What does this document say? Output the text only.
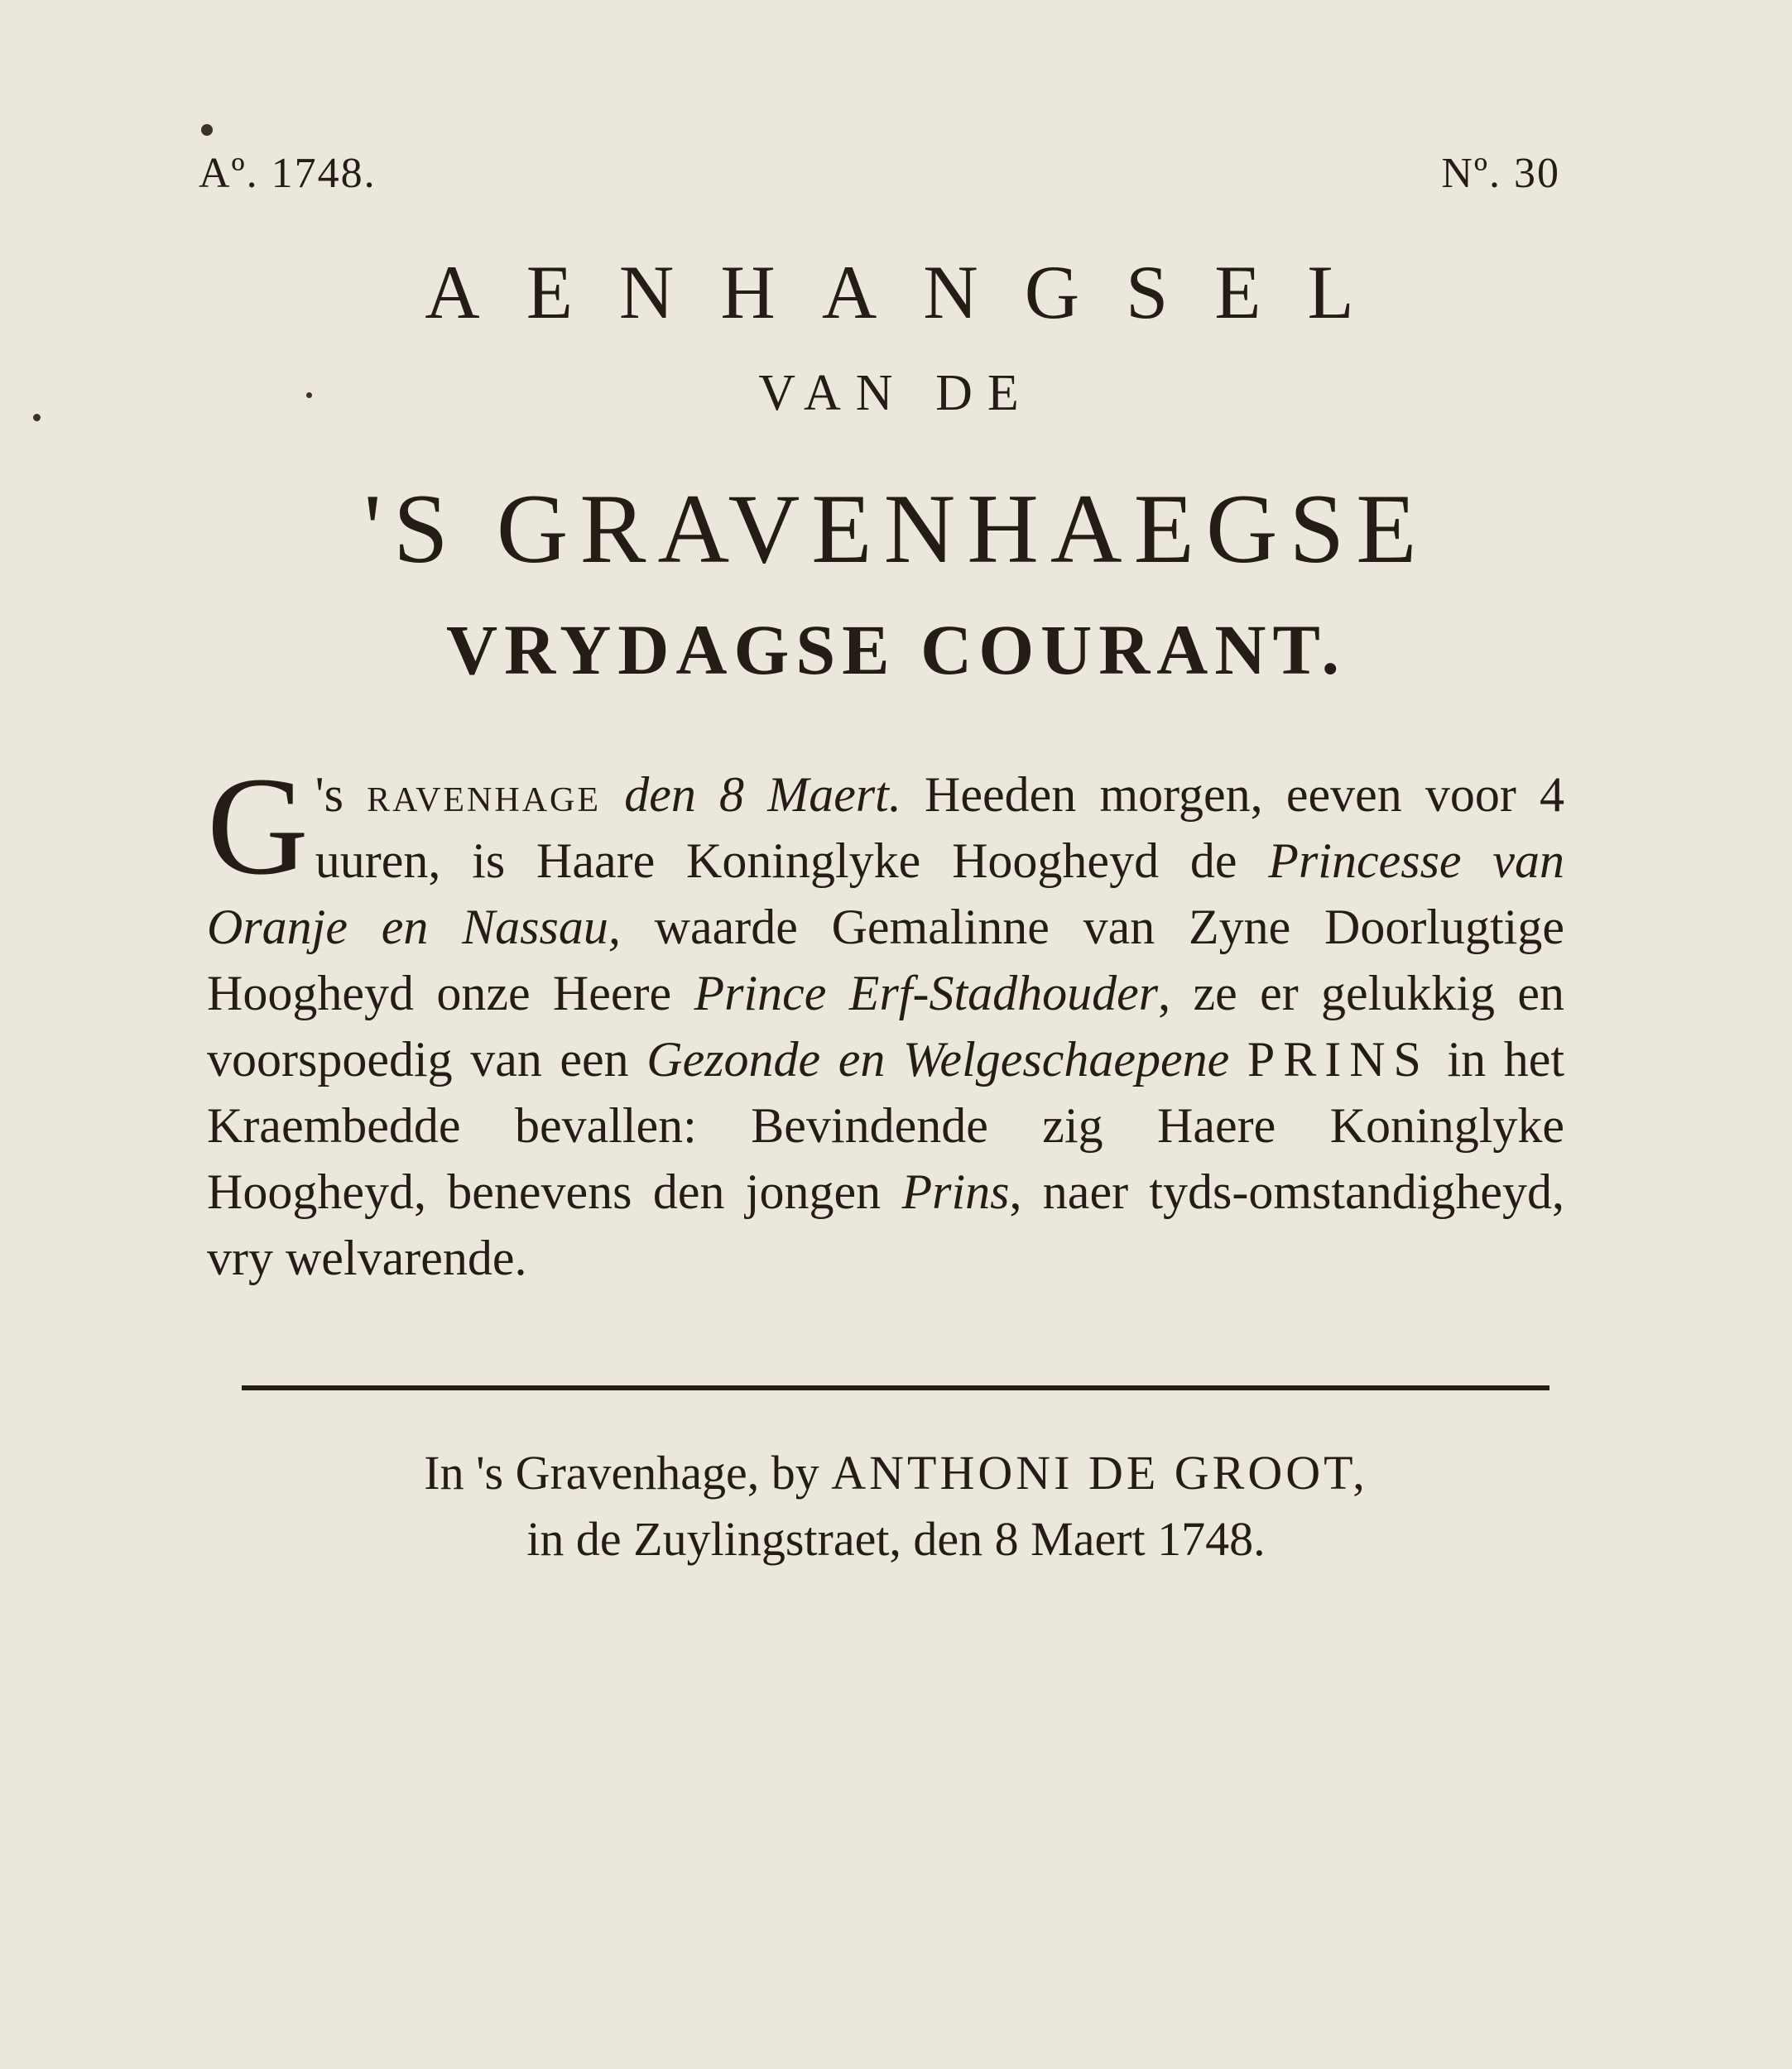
Aº. 1748.	Nº. 30
AENHANGSEL
VAN DE
'S GRAVENHAEGSE
VRYDAGSE COURANT.

's
G ravenhage den 8 Maert. Heeden morgen, eeven voor 4 uuren, is Haare Koninglyke Hoogheyd de Princesse van Oranje en Nassau, waarde Gemalinne van Zyne Doorlugtige Hoogheyd onze Heere Prince Erf-Stadhouder, ze er gelukkig en voorspoedig van een Gezonde en Welgeschaepene PRINS in het Kraembedde bevallen: Bevindende zig Haere Koninglyke Hoogheyd, benevens den jongen Prins, naer tyds-omstandigheyd, vry welvarende.

In 's Gravenhage, by ANTHONI DE GROOT,
in de Zuylingstraet, den 8 Maert 1748.
